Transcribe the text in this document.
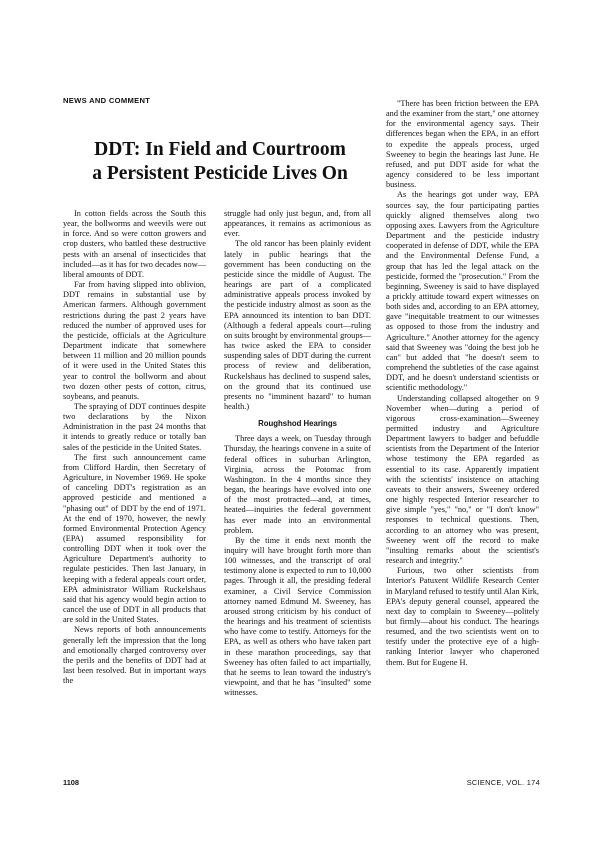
NEWS AND COMMENT
DDT: In Field and Courtroom
a Persistent Pesticide Lives On

In cotton fields across the South this year, the bollworms and weevils were out in force. And so were cotton growers and crop dusters, who battled these destructive pests with an arsenal of insecticides that included—as it has for two decades now—liberal amounts of DDT.

Far from having slipped into oblivion, DDT remains in substantial use by American farmers. Although government restrictions during the past 2 years have reduced the number of approved uses for the pesticide, officials at the Agriculture Department indicate that somewhere between 11 million and 20 million pounds of it were used in the United States this year to control the bollworm and about two dozen other pests of cotton, citrus, soybeans, and peanuts.

The spraying of DDT continues despite two declarations by the Nixon Administration in the past 24 months that it intends to greatly reduce or totally ban sales of the pesticide in the United States.

The first such announcement came from Clifford Hardin, then Secretary of Agriculture, in November 1969. He spoke of canceling DDT's registration as an approved pesticide and mentioned a "phasing out" of DDT by the end of 1971. At the end of 1970, however, the newly formed Environmental Protection Agency (EPA) assumed responsibility for controlling DDT when it took over the Agriculture Department's authority to regulate pesticides. Then last January, in keeping with a federal appeals court order, EPA administrator William Ruckelshaus said that his agency would begin action to cancel the use of DDT in all products that are sold in the United States.

News reports of both announcements generally left the impression that the long and emotionally charged controversy over the perils and the benefits of DDT had at last been resolved. But in important ways the

struggle had only just begun, and, from all appearances, it remains as acrimonious as ever.

The old rancor has been plainly evident lately in public hearings that the government has been conducting on the pesticide since the middle of August. The hearings are part of a complicated administrative appeals process invoked by the pesticide industry almost as soon as the EPA announced its intention to ban DDT. (Although a federal appeals court—ruling on suits brought by environmental groups—has twice asked the EPA to consider suspending sales of DDT during the current process of review and deliberation, Ruckelshaus has declined to suspend sales, on the ground that its continued use presents no "imminent hazard" to human health.)

Roughshod Hearings

Three days a week, on Tuesday through Thursday, the hearings convene in a suite of federal offices in suburban Arlington, Virginia, across the Potomac from Washington. In the 4 months since they began, the hearings have evolved into one of the most protracted—and, at times, heated—inquiries the federal government has ever made into an environmental problem.

By the time it ends next month the inquiry will have brought forth more than 100 witnesses, and the transcript of oral testimony alone is expected to run to 10,000 pages. Through it all, the presiding federal examiner, a Civil Service Commission attorney named Edmund M. Sweeney, has aroused strong criticism by his conduct of the hearings and his treatment of scientists who have come to testify. Attorneys for the EPA, as well as others who have taken part in these marathon proceedings, say that Sweeney has often failed to act impartially, that he seems to lean toward the industry's viewpoint, and that he has "insulted" some witnesses.

"There has been friction between the EPA and the examiner from the start," one attorney for the environmental agency says. Their differences began when the EPA, in an effort to expedite the appeals process, urged Sweeney to begin the hearings last June. He refused, and put DDT aside for what the agency considered to be less important business.

As the hearings got under way, EPA sources say, the four participating parties quickly aligned themselves along two opposing axes. Lawyers from the Agriculture Department and the pesticide industry cooperated in defense of DDT, while the EPA and the Environmental Defense Fund, a group that has led the legal attack on the pesticide, formed the "prosecution." From the beginning, Sweeney is said to have displayed a prickly attitude toward expert witnesses on both sides and, according to an EPA attorney, gave "inequitable treatment to our witnesses as opposed to those from the industry and Agriculture." Another attorney for the agency said that Sweeney was "doing the best job he can" but added that "he doesn't seem to comprehend the subtleties of the case against DDT, and he doesn't understand scientists or scientific methodology."

Understanding collapsed altogether on 9 November when—during a period of vigorous cross-examination—Sweeney permitted industry and Agriculture Department lawyers to badger and befuddle scientists from the Department of the Interior whose testimony the EPA regarded as essential to its case. Apparently impatient with the scientists' insistence on attaching caveats to their answers, Sweeney ordered one highly respected Interior researcher to give simple "yes," "no," or "I don't know" responses to technical questions. Then, according to an attorney who was present, Sweeney went off the record to make "insulting remarks about the scientist's research and integrity."

Furious, two other scientists from Interior's Patuxent Wildlife Research Center in Maryland refused to testify until Alan Kirk, EPA's deputy general counsel, appeared the next day to complain to Sweeney—politely but firmly—about his conduct. The hearings resumed, and the two scientists went on to testify under the protective eye of a high-ranking Interior lawyer who chaperoned them. But for Eugene H.

1108	SCIENCE, VOL. 174
